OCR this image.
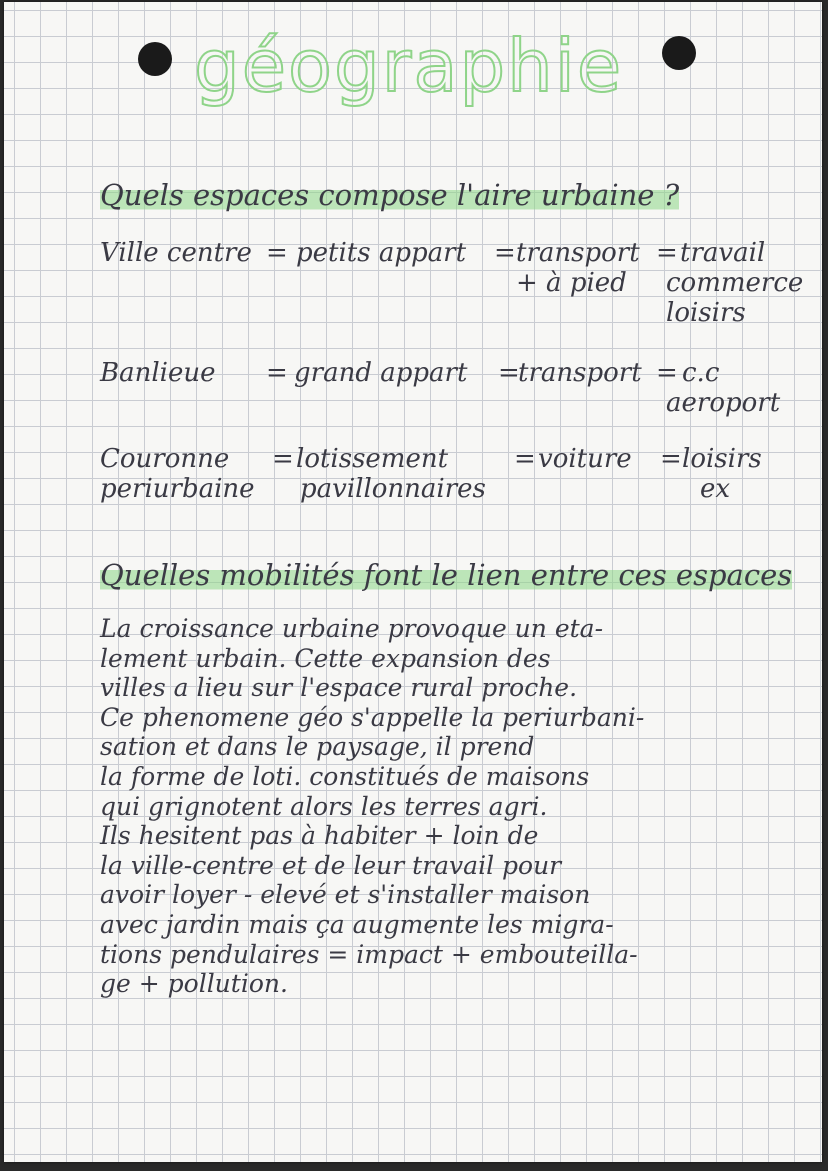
géographie
Quels espaces compose l'aire urbaine ?
Ville centre = petits appart = transport
+ à pied
= travail
commerce
loisirs
Banlieue = grand appart =
transport = c.c
aeroport
Couronne
periurbaine
= lotissement
pavillonnaires
= voiture = loisirs
ex
Quelles mobilités font le lien entre ces espaces
La croissance urbaine provoque un eta-
lement urbain. Cette expansion des
villes a lieu sur l'espace rural proche.
Ce phenomene géo s'appelle la periurbani-
sation et dans le paysage, il prend
la forme de loti. constitués de maisons
qui grignotent alors les terres agri.
Ils hesitent pas à habiter + loin de
la ville-centre et de leur travail pour
avoir loyer - elevé et s'installer maison
avec jardin mais ça augmente les migra-
tions pendulaires = impact + embouteilla-
ge + pollution.
